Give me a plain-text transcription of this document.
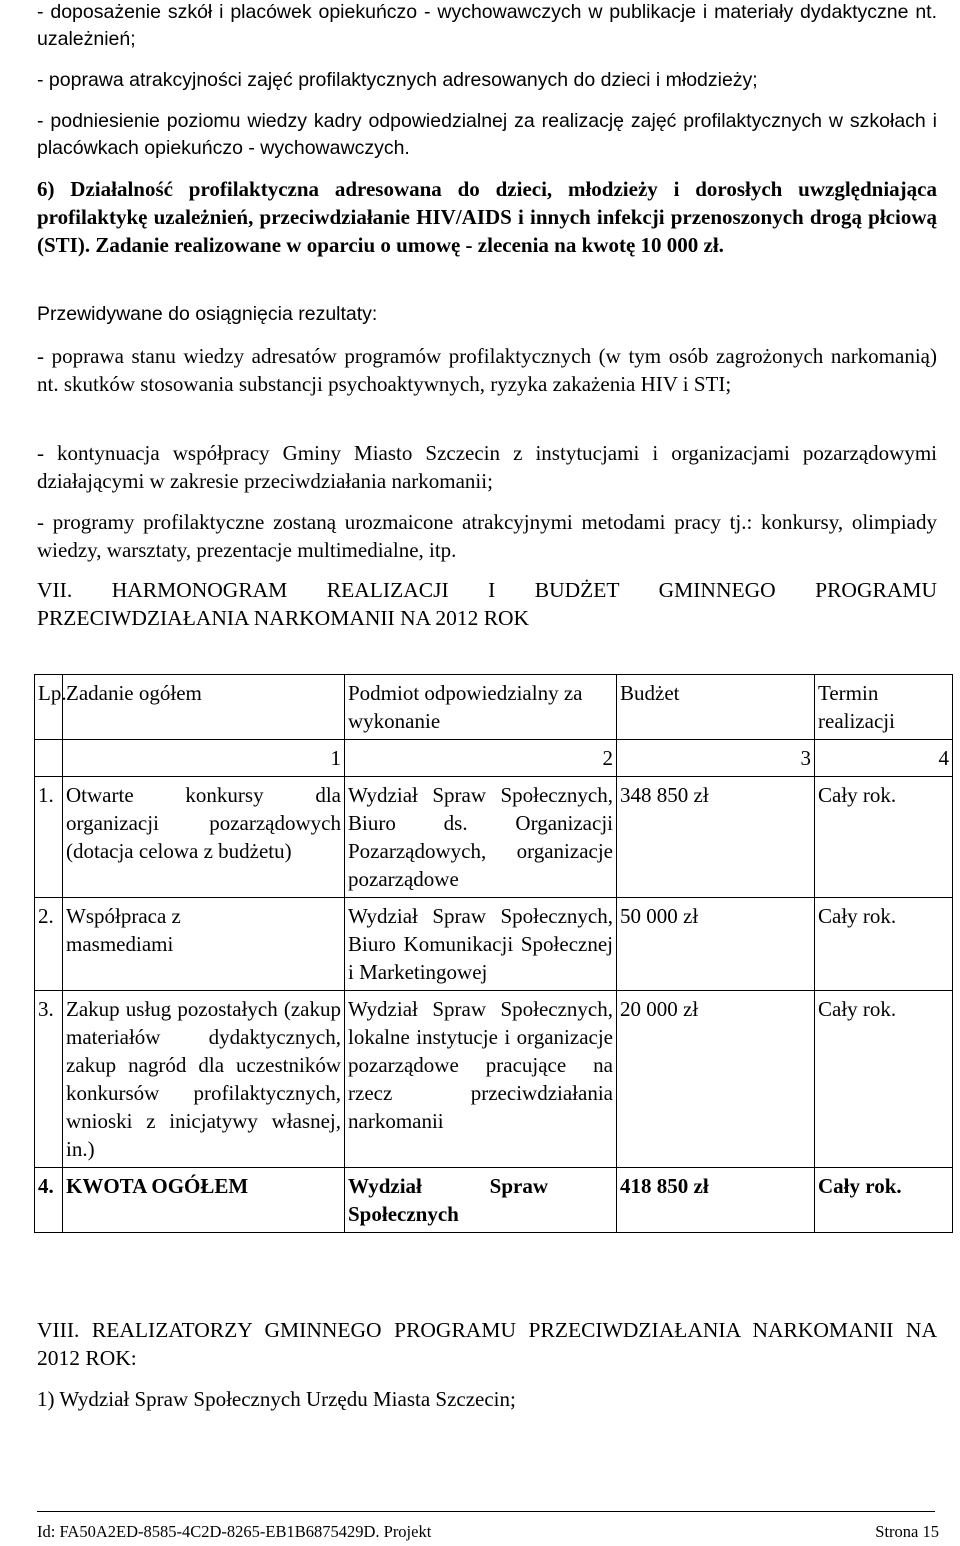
- doposażenie szkół i placówek opiekuńczo - wychowawczych w publikacje i materiały dydaktyczne nt. uzależnień;

- poprawa atrakcyjności zajęć profilaktycznych adresowanych do dzieci i młodzieży;

- podniesienie poziomu wiedzy kadry odpowiedzialnej za realizację zajęć profilaktycznych w szkołach i placówkach opiekuńczo - wychowawczych.

6) Działalność profilaktyczna adresowana do dzieci, młodzieży i dorosłych uwzględniająca profilaktykę uzależnień, przeciwdziałanie HIV/AIDS i innych infekcji przenoszonych drogą płciową (STI). Zadanie realizowane w oparciu o umowę - zlecenia na kwotę 10 000 zł.

Przewidywane do osiągnięcia rezultaty:

- poprawa stanu wiedzy adresatów programów profilaktycznych (w tym osób zagrożonych narkomanią) nt. skutków stosowania substancji psychoaktywnych, ryzyka zakażenia HIV i STI;

- kontynuacja współpracy Gminy Miasto Szczecin z instytucjami i organizacjami pozarządowymi działającymi w zakresie przeciwdziałania narkomanii;

- programy profilaktyczne zostaną urozmaicone atrakcyjnymi metodami pracy tj.: konkursy, olimpiady wiedzy, warsztaty, prezentacje multimedialne, itp.

VII. HARMONOGRAM REALIZACJI I BUDŻET GMINNEGO PROGRAMU PRZECIWDZIAŁANIA NARKOMANII NA 2012 ROK

Lp.	Zadanie ogółem	Podmiot odpowiedzialny za wykonanie	Budżet	Termin realizacji
	1	2	3	4
1.	Otwarte konkursy dla organizacji pozarządowych (dotacja celowa z budżetu)	Wydział Spraw Społecznych, Biuro ds. Organizacji Pozarządowych, organizacje pozarządowe	348 850 zł	Cały rok.
2.	Współpraca z masmediami	Wydział Spraw Społecznych, Biuro Komunikacji Społecznej i Marketingowej	50 000 zł	Cały rok.
3.	Zakup usług pozostałych (zakup materiałów dydaktycznych, zakup nagród dla uczestników konkursów profilaktycznych, wnioski z inicjatywy własnej, in.)	Wydział Spraw Społecznych, lokalne instytucje i organizacje pozarządowe pracujące na rzecz przeciwdziałania narkomanii	20 000 zł	Cały rok.
4.	KWOTA OGÓŁEM	Wydział Spraw Społecznych	418 850 zł	Cały rok.

VIII. REALIZATORZY GMINNEGO PROGRAMU PRZECIWDZIAŁANIA NARKOMANII NA 2012 ROK:

1) Wydział Spraw Społecznych Urzędu Miasta Szczecin;

Id: FA50A2ED-8585-4C2D-8265-EB1B6875429D. Projekt	Strona 15
